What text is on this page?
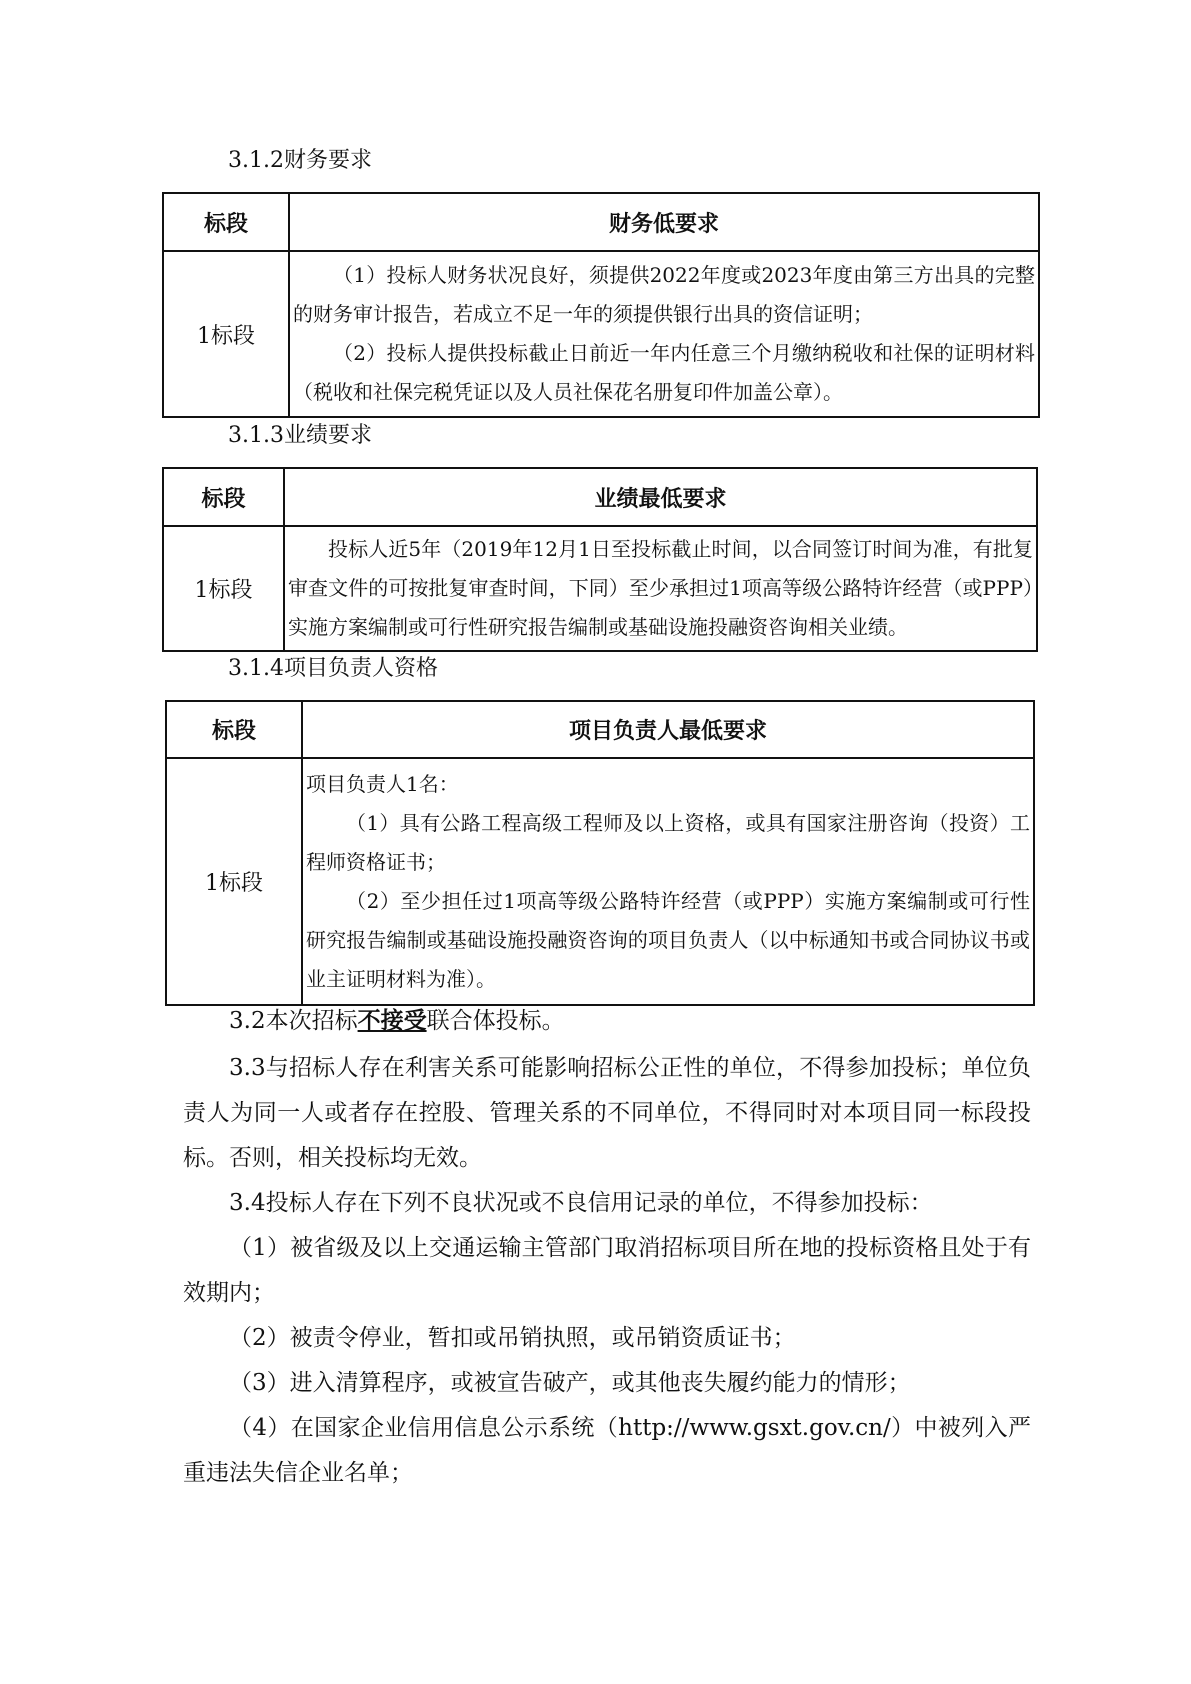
3.1.2财务要求
标段	财务低要求
1标段	（1）投标人财务状况良好，须提供2022年度或2023年度由第三方出具的完整的财务审计报告，若成立不足一年的须提供银行出具的资信证明；
（2）投标人提供投标截止日前近一年内任意三个月缴纳税收和社保的证明材料（税收和社保完税凭证以及人员社保花名册复印件加盖公章）。
3.1.3业绩要求
标段	业绩最低要求
1标段	投标人近5年（2019年12月1日至投标截止时间，以合同签订时间为准，有批复审查文件的可按批复审查时间，下同）至少承担过1项高等级公路特许经营（或PPP）实施方案编制或可行性研究报告编制或基础设施投融资咨询相关业绩。
3.1.4项目负责人资格
标段	项目负责人最低要求
1标段	项目负责人1名：
（1）具有公路工程高级工程师及以上资格，或具有国家注册咨询（投资）工程师资格证书；
（2）至少担任过1项高等级公路特许经营（或PPP）实施方案编制或可行性研究报告编制或基础设施投融资咨询的项目负责人（以中标通知书或合同协议书或业主证明材料为准）。
3.2本次招标不接受联合体投标。
3.3与招标人存在利害关系可能影响招标公正性的单位，不得参加投标；单位负责人为同一人或者存在控股、管理关系的不同单位，不得同时对本项目同一标段投标。否则，相关投标均无效。
3.4投标人存在下列不良状况或不良信用记录的单位，不得参加投标：
（1）被省级及以上交通运输主管部门取消招标项目所在地的投标资格且处于有效期内；
（2）被责令停业，暂扣或吊销执照，或吊销资质证书；
（3）进入清算程序，或被宣告破产，或其他丧失履约能力的情形；
（4）在国家企业信用信息公示系统（http://www.gsxt.gov.cn/）中被列入严重违法失信企业名单；
